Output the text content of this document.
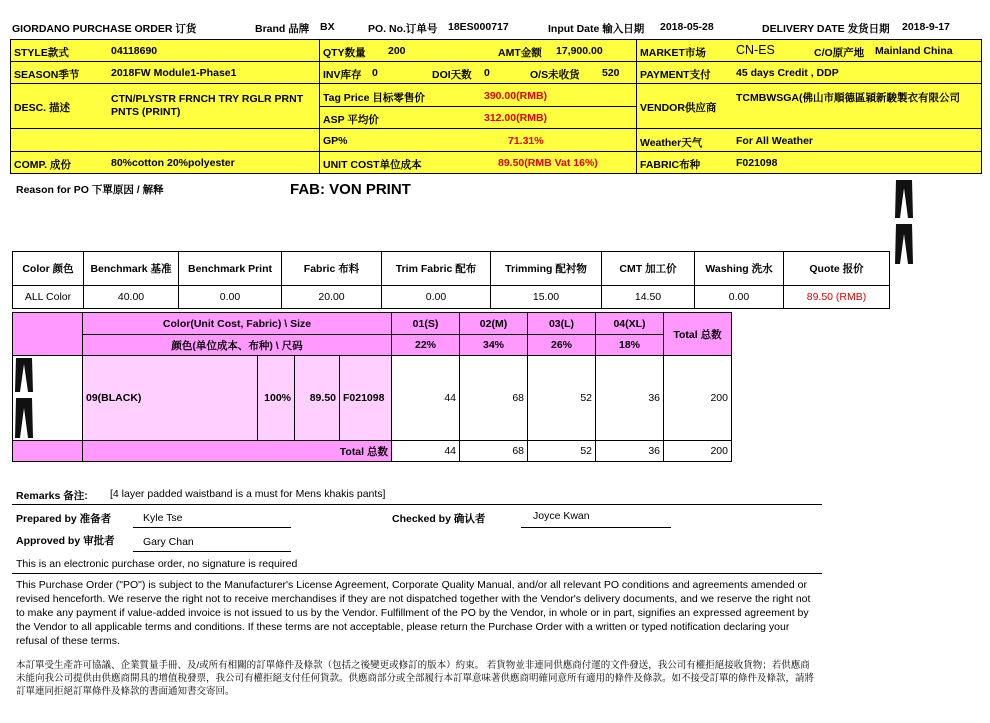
GIORDANO PURCHASE ORDER 订货	Brand 品牌 BX	PO. No.订单号 18ES000717	Input Date 输入日期 2018-05-28	DELIVERY DATE 发货日期 2018-9-17
STYLE款式	04118690
SEASON季节	2018FW Module1-Phase1
DESC. 描述
CTN/PLYSTR FRNCH TRY RGLR PRNT PNTS (PRINT)
COMP. 成份	80%cotton 20%polyester
QTY数量 200	AMT金额 17,900.00
INV库存 0	DOI天数 0	O/S未收货 520
Tag Price 目标零售价	390.00(RMB)
ASP 平均价	312.00(RMB)
GP%	71.31%
UNIT COST单位成本	89.50(RMB Vat 16%)
MARKET市场 CN-ES	C/O原产地 Mainland China
PAYMENT支付 45 days Credit , DDP
VENDOR供应商
TCMBWSGA(佛山市順德區穎新駿製衣有限公司
Weather天气	For All Weather
FABRIC布种	F021098
Reason for PO 下單原因 / 解释	FAB: VON PRINT
Color 颜色	Benchmark 基准	Benchmark Print	Fabric 布料	Trim Fabric 配布	Trimming 配衬物	CMT 加工价	Washing 洗水	Quote 报价
ALL Color	40.00	0.00	20.00	0.00	15.00	14.50	0.00	89.50 (RMB)
	Color(Unit Cost, Fabric) \ Size				01(S)	02(M)	03(L)	04(XL)	Total 总数
	颜色(单位成本、布种) \ 尺码				22%	34%	26%	18%	

	09(BLACK)	100%	89.50	F021098	44	68	52	36	200
	Total 总数				44	68	52	36	200
Remarks 备注: [4 layer padded waistband is a must for Mens khakis pants]
Prepared by 准备者	Kyle Tse	Checked by 确认者	Joyce Kwan
Approved by 审批者	Gary Chan
This is an electronic purchase order, no signature is required
This Purchase Order ("PO") is subject to the Manufacturer's License Agreement, Corporate Quality Manual, and/or all relevant PO conditions and agreements amended or revised henceforth. We reserve the right not to receive merchandises if they are not dispatched together with the Vendor's delivery documents, and we reserve the right not to make any payment if value-added invoice is not issued to us by the Vendor. Fulfillment of the PO by the Vendor, in whole or in part, signifies an expressed agreement by the Vendor to all applicable terms and conditions. If these terms are not acceptable, please return the Purchase Order with a written or typed notification declaring your refusal of these terms.
本訂單受生產許可協議、企業質量手冊、及/或所有相關的訂單條件及條款（包括之後變更或修訂的版本）約束。 若貨物並非連同供應商付運的文件發送，我公司有權拒絕接收貨物；若供應商未能向我公司提供由供應商開具的增值稅發票，我公司有權拒絕支付任何貨款。供應商部分或全部履行本訂單意味著供應商明確同意所有適用的條件及條款。如不接受訂單的條件及條款，請將訂單連同拒絕訂單條件及條款的書面通知書交寄回。
